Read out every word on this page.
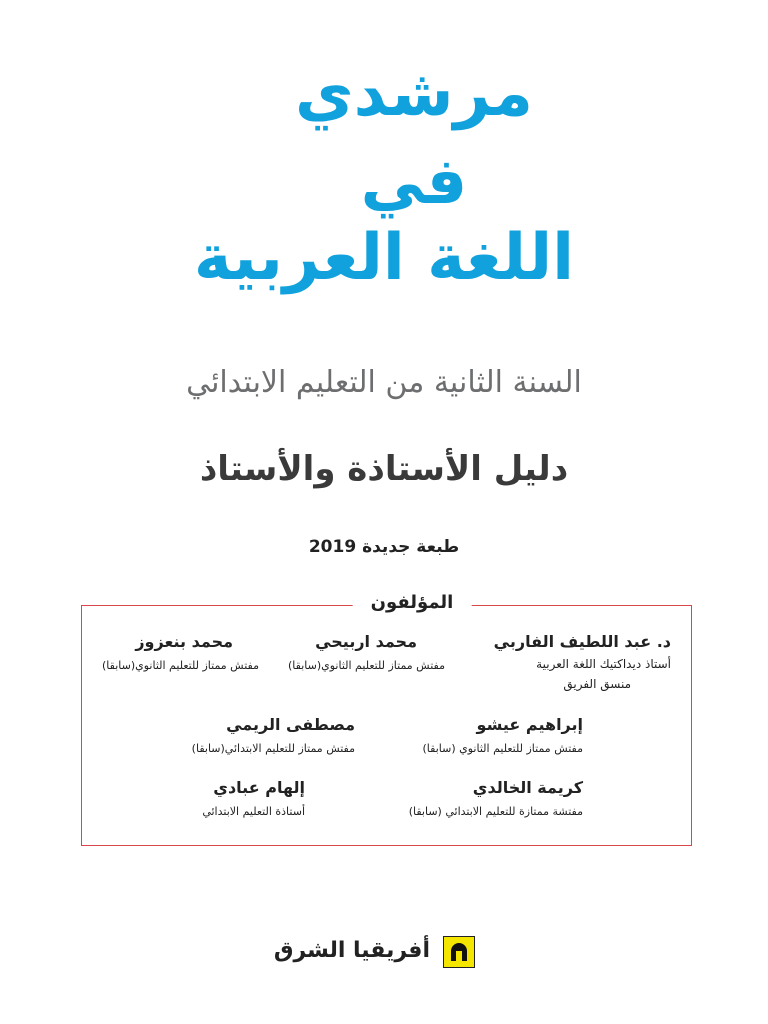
مرشدي
في
اللغة العربية
السنة الثانية من التعليم الابتدائي
دليل الأستاذة والأستاذ
طبعة جديدة 2019
المؤلفون
د. عبد اللطيف الفاربي
أستاذ ديداكتيك اللغة العربية
منسق الفريق
محمد اربيحي
مفتش ممتاز للتعليم الثانوي(سابقا)
محمد بنعزوز
مفتش ممتاز للتعليم الثانوي(سابقا)
إبراهيم عيشو
مفتش ممتاز للتعليم الثانوي (سابقا)
مصطفى الريمي
مفتش ممتاز للتعليم الابتدائي(سابقا)
كريمة الخالدي
مفتشة ممتازة للتعليم الابتدائي (سابقا)
إلهام عبادي
أستاذة التعليم الابتدائي
أفريقيا الشرق
